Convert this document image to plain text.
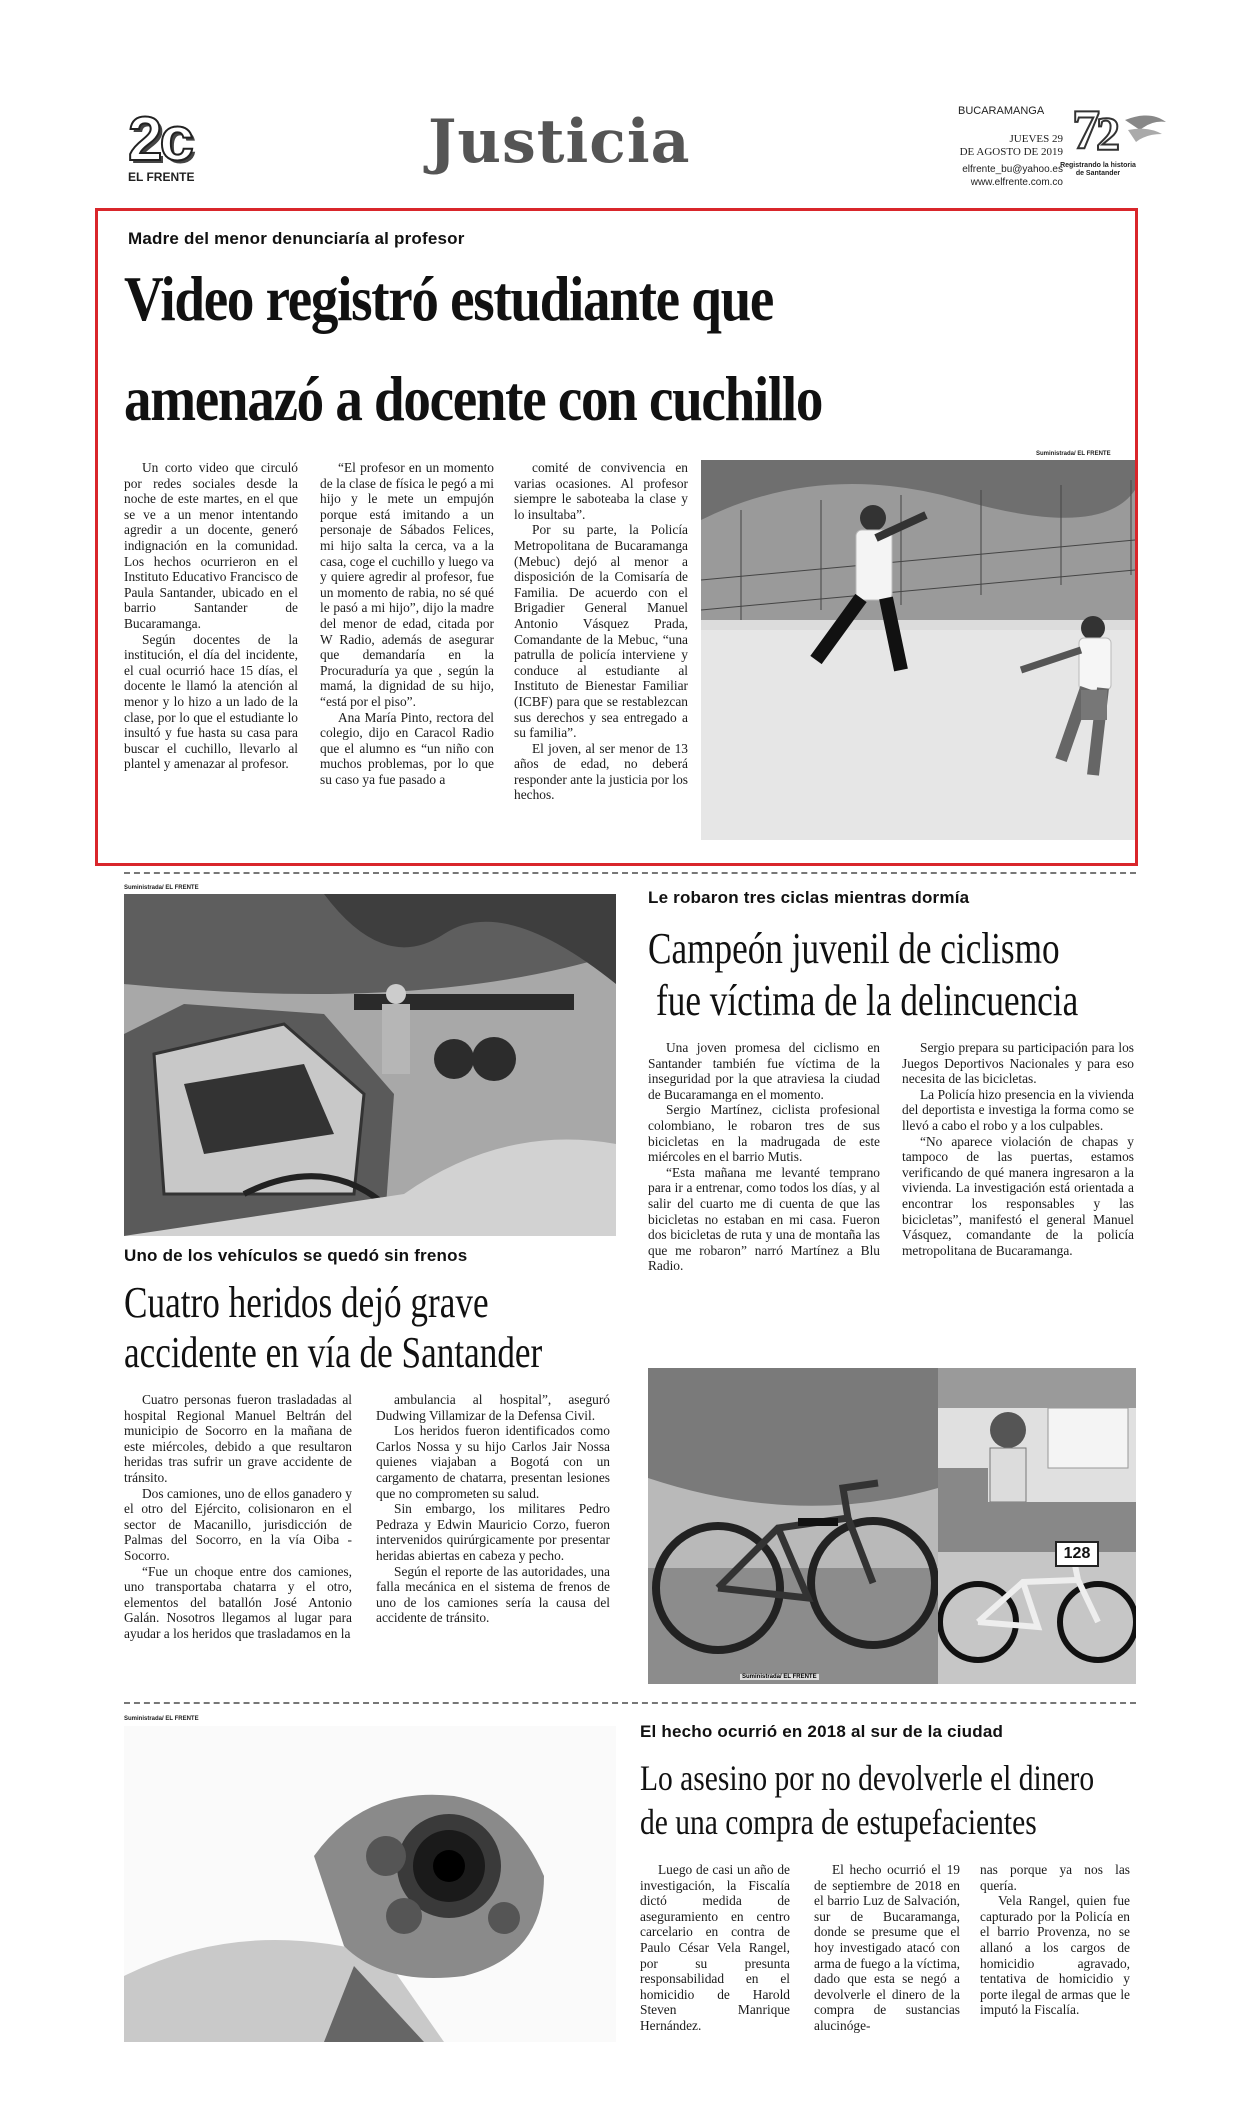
2c
EL FRENTE	Justicia	BUCARAMANGA
JUEVES 29
DE AGOSTO DE 2019
elfrente_bu@yahoo.es
www.elfrente.com.co
7
2
Registrando la historia de Santander
Madre del menor denunciaría al profesor
Video registró estudiante que
amenazó a docente con cuchillo

Un corto video que circuló por redes sociales desde la noche de este martes, en el que se ve a un menor intentando agredir a un docente, generó indignación en la comunidad. Los hechos ocurrieron en el Instituto Educativo Francisco de Paula Santander, ubicado en el barrio Santander de Bucaramanga.

Según docentes de la institución, el día del incidente, el cual ocurrió hace 15 días, el docente le llamó la atención al menor y lo hizo a un lado de la clase, por lo que el estudiante lo insultó y fue hasta su casa para buscar el cuchillo, llevarlo al plantel y amenazar al profesor.

“El profesor en un momento de la clase de física le pegó a mi hijo y le mete un empujón porque está imitando a un personaje de Sábados Felices, mi hijo salta la cerca, va a la casa, coge el cuchillo y luego va y quiere agredir al profesor, fue un momento de rabia, no sé qué le pasó a mi hijo”, dijo la madre del menor de edad, citada por W Radio, además de asegurar que demandaría en la Procuraduría ya que , según la mamá, la dignidad de su hijo, “está por el piso”.

Ana María Pinto, rectora del colegio, dijo en Caracol Radio que el alumno es “un niño con muchos problemas, por lo que su caso ya fue pasado a

comité de convivencia en varias ocasiones. Al profesor siempre le saboteaba la clase y lo insultaba”.

Por su parte, la Policía Metropolitana de Bucaramanga (Mebuc) dejó al menor a disposición de la Comisaría de Familia. De acuerdo con el Brigadier General Manuel Antonio Vásquez Prada, Comandante de la Mebuc, “una patrulla de policía interviene y conduce al estudiante al Instituto de Bienestar Familiar (ICBF) para que se restablezcan sus derechos y sea entregado a su familia”.

El joven, al ser menor de 13 años de edad, no deberá responder ante la justicia por los hechos.

Suministrada/ EL FRENTE
Suministrada/ EL FRENTE
Uno de los vehículos se quedó sin frenos
Cuatro heridos dejó grave
accidente en vía de Santander

Cuatro personas fueron trasladadas al hospital Regional Manuel Beltrán del municipio de Socorro en la mañana de este miércoles, debido a que resultaron heridas tras sufrir un grave accidente de tránsito.

Dos camiones, uno de ellos ganadero y el otro del Ejército, colisionaron en el sector de Macanillo, jurisdicción de Palmas del Socorro, en la vía Oiba - Socorro.

“Fue un choque entre dos camiones, uno transportaba chatarra y el otro, elementos del batallón José Antonio Galán. Nosotros llegamos al lugar para ayudar a los heridos que trasladamos en la

ambulancia al hospital”, aseguró Dudwing Villamizar de la Defensa Civil.

Los heridos fueron identificados como Carlos Nossa y su hijo Carlos Jair Nossa quienes viajaban a Bogotá con un cargamento de chatarra, presentan lesiones que no comprometen su salud.

Sin embargo, los militares Pedro Pedraza y Edwin Mauricio Corzo, fueron intervenidos quirúrgicamente por presentar heridas abiertas en cabeza y pecho.

Según el reporte de las autoridades, una falla mecánica en el sistema de frenos de uno de los camiones sería la causa del accidente de tránsito.

Le robaron tres ciclas mientras dormía
Campeón juvenil de ciclismo
fue víctima de la delincuencia

Una joven promesa del ciclismo en Santander también fue víctima de la inseguridad por la que atraviesa la ciudad de Bucaramanga en el momento.

Sergio Martínez, ciclista profesional colombiano, le robaron tres de sus bicicletas en la madrugada de este miércoles en el barrio Mutis.

“Esta mañana me levanté temprano para ir a entrenar, como todos los días, y al salir del cuarto me di cuenta de que las bicicletas no estaban en mi casa. Fueron dos bicicletas de ruta y una de montaña las que me robaron” narró Martínez a Blu Radio.

Sergio prepara su participación para los Juegos Deportivos Nacionales y para eso necesita de las bicicletas.

La Policía hizo presencia en la vivienda del deportista e investiga la forma como se llevó a cabo el robo y a los culpables.

“No aparece violación de chapas y tampoco de las puertas, estamos verificando de qué manera ingresaron a la vivienda. La investigación está orientada a encontrar los responsables y las bicicletas”, manifestó el general Manuel Vásquez, comandante de la policía metropolitana de Bucaramanga.

128
Suministrada/ EL FRENTE
Suministrada/ EL FRENTE
El hecho ocurrió en 2018 al sur de la ciudad
Lo asesino por no devolverle el dinero
de una compra de estupefacientes

Luego de casi un año de investigación, la Fiscalía dictó medida de aseguramiento en centro carcelario en contra de Paulo César Vela Rangel, por su presunta responsabilidad en el homicidio de Harold Steven Manrique Hernández.

El hecho ocurrió el 19 de septiembre de 2018 en el barrio Luz de Salvación, sur de Bucaramanga, donde se presume que el hoy investigado atacó con arma de fuego a la víctima, dado que esta se negó a devolverle el dinero de la compra de sustancias alucinóge-

nas porque ya nos las quería.

Vela Rangel, quien fue capturado por la Policía en el barrio Provenza, no se allanó a los cargos de homicidio agravado, tentativa de homicidio y porte ilegal de armas que le imputó la Fiscalía.
